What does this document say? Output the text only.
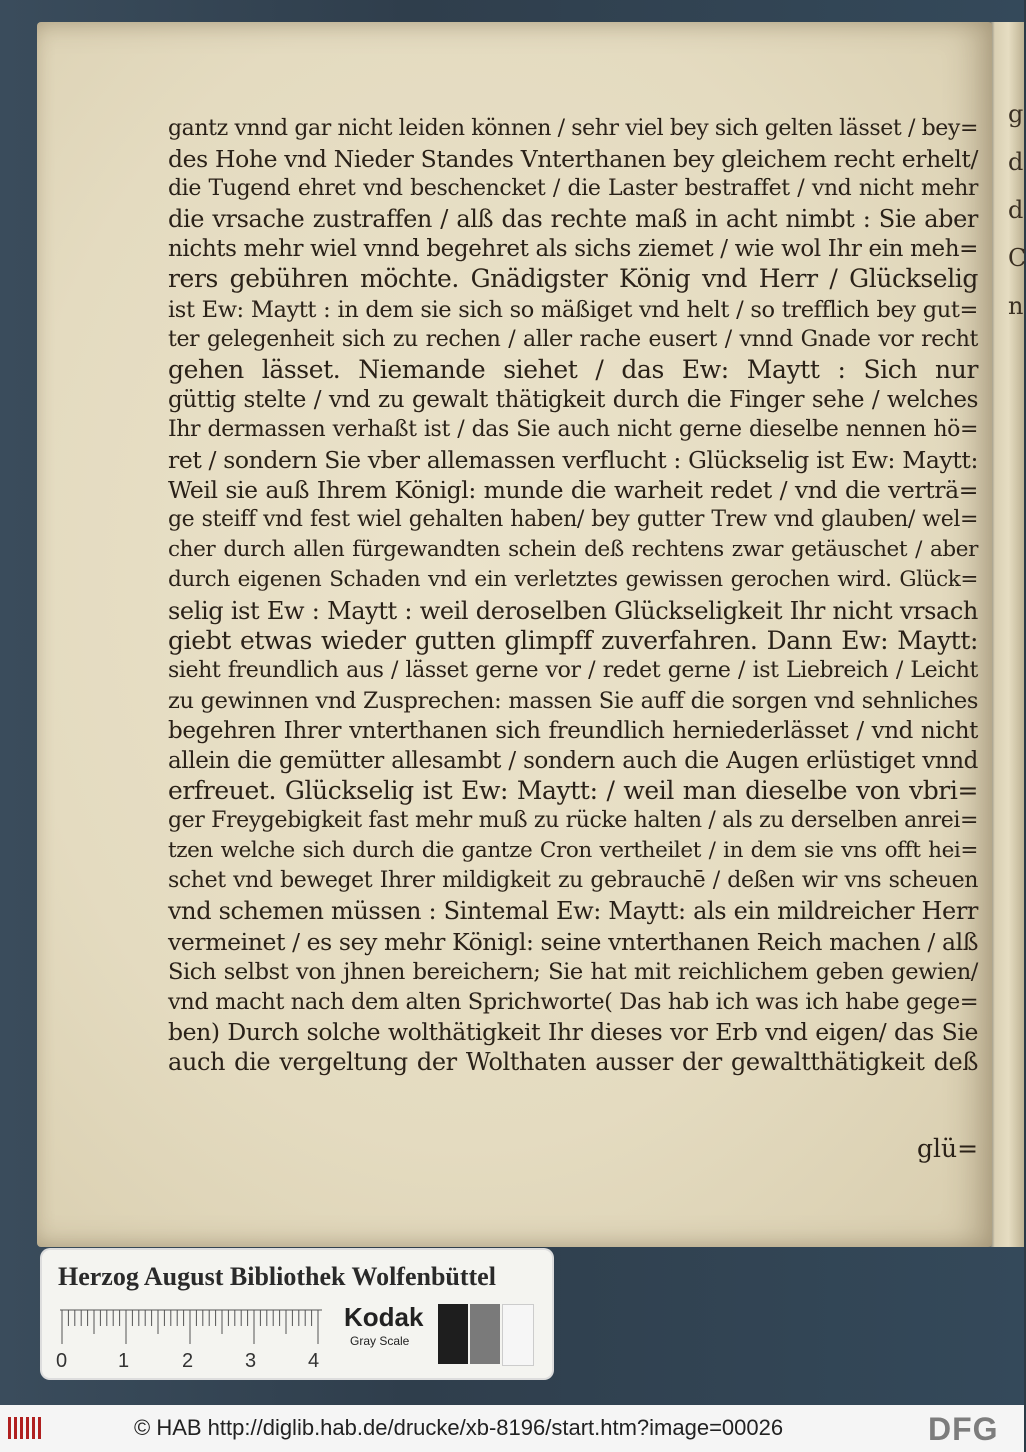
g d d C n
gantz vnnd gar nicht leiden können / sehr viel bey sich gelten lässet / bey=
des Hohe vnd Nieder Standes Vnterthanen bey gleichem recht erhelt/
die Tugend ehret vnd beschencket / die Laster bestraffet / vnd nicht mehr
die vrsache zustraffen / alß das rechte maß in acht nimbt : Sie aber
nichts mehr wiel vnnd begehret als sichs ziemet / wie wol Ihr ein meh=
rers gebühren möchte. Gnädigster König vnd Herr / Glückselig
ist Ew: Maytt : in dem sie sich so mäßiget vnd helt / so trefflich bey gut=
ter gelegenheit sich zu rechen / aller rache eusert / vnnd Gnade vor recht
gehen lässet. Niemande siehet / das Ew: Maytt : Sich nur
güttig stelte / vnd zu gewalt thätigkeit durch die Finger sehe / welches
Ihr dermassen verhaßt ist / das Sie auch nicht gerne dieselbe nennen hö=
ret / sondern Sie vber allemassen verflucht : Glückselig ist Ew: Maytt:
Weil sie auß Ihrem Königl: munde die warheit redet / vnd die verträ=
ge steiff vnd fest wiel gehalten haben/ bey gutter Trew vnd glauben/ wel=
cher durch allen fürgewandten schein deß rechtens zwar getäuschet / aber
durch eigenen Schaden vnd ein verletztes gewissen gerochen wird. Glück=
selig ist Ew : Maytt : weil deroselben Glückseligkeit Ihr nicht vrsach
giebt etwas wieder gutten glimpff zuverfahren. Dann Ew: Maytt:
sieht freundlich aus / lässet gerne vor / redet gerne / ist Liebreich / Leicht
zu gewinnen vnd Zusprechen: massen Sie auff die sorgen vnd sehnliches
begehren Ihrer vnterthanen sich freundlich herniederlässet / vnd nicht
allein die gemütter allesambt / sondern auch die Augen erlüstiget vnnd
erfreuet. Glückselig ist Ew: Maytt: / weil man dieselbe von vbri=
ger Freygebigkeit fast mehr muß zu rücke halten / als zu derselben anrei=
tzen welche sich durch die gantze Cron vertheilet / in dem sie vns offt hei=
schet vnd beweget Ihrer mildigkeit zu gebrauchē / deßen wir vns scheuen
vnd schemen müssen : Sintemal Ew: Maytt: als ein mildreicher Herr
vermeinet / es sey mehr Königl: seine vnterthanen Reich machen / alß
Sich selbst von jhnen bereichern; Sie hat mit reichlichem geben gewien/
vnd macht nach dem alten Sprichworte( Das hab ich was ich habe gege=
ben) Durch solche wolthätigkeit Ihr dieses vor Erb vnd eigen/ das Sie
auch die vergeltung der Wolthaten ausser der gewaltthätigkeit deß
glü=
Herzog August Bibliothek Wolfenbüttel
0	1	2	3	4
Kodak
Gray Scale
© HAB http://diglib.hab.de/drucke/xb-8196/start.htm?image=00026	DFG
